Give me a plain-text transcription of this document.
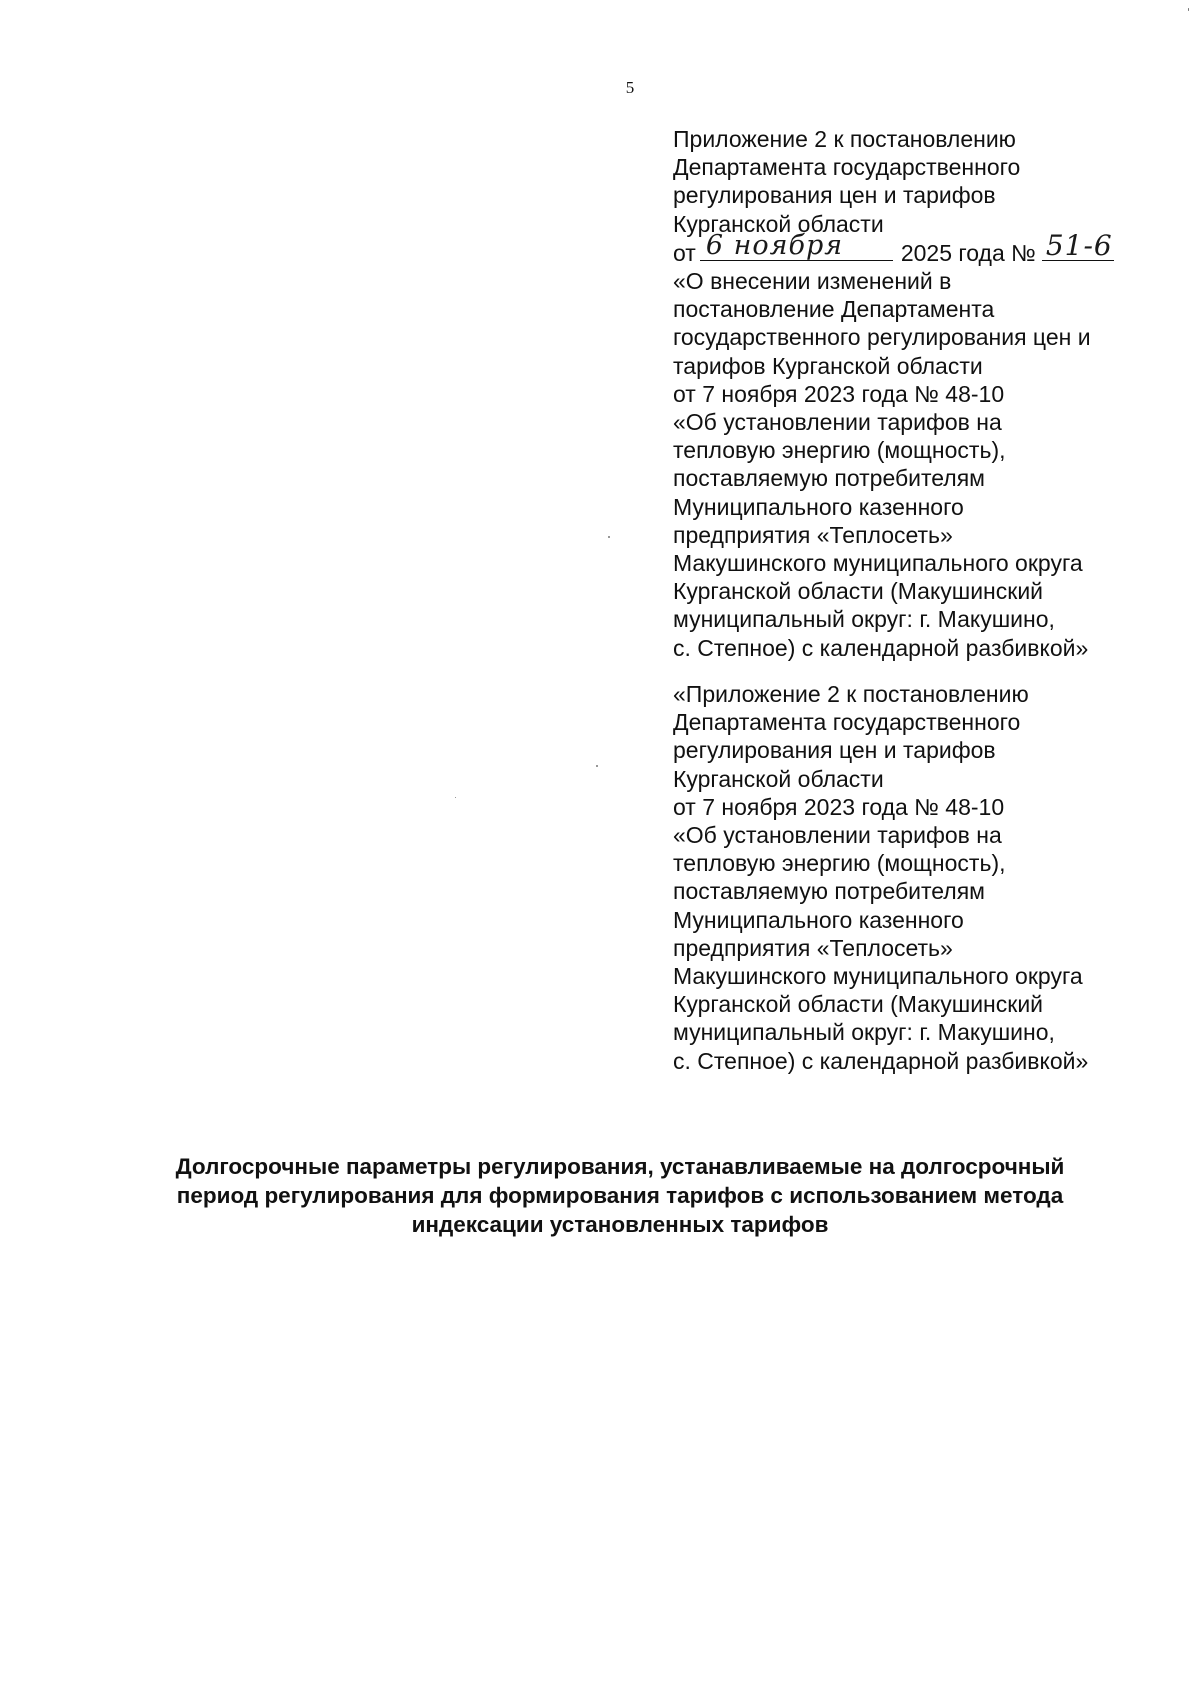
5
Приложение 2 к постановлению
Департамента государственного
регулирования цен и тарифов
Курганской области
от 6 ноября	2025 года № 51-6
«О внесении изменений в
постановление Департамента
государственного регулирования цен и
тарифов Курганской области
от 7 ноября 2023 года № 48-10
«Об установлении тарифов на
тепловую энергию (мощность),
поставляемую потребителям
Муниципального казенного
предприятия «Теплосеть»
Макушинского муниципального округа
Курганской области (Макушинский
муниципальный округ: г. Макушино,
с. Степное) с календарной разбивкой»
«Приложение 2 к постановлению
Департамента государственного
регулирования цен и тарифов
Курганской области
от 7 ноября 2023 года № 48-10
«Об установлении тарифов на
тепловую энергию (мощность),
поставляемую потребителям
Муниципального казенного
предприятия «Теплосеть»
Макушинского муниципального округа
Курганской области (Макушинский
муниципальный округ: г. Макушино,
с. Степное) с календарной разбивкой»
Долгосрочные параметры регулирования, устанавливаемые на долгосрочный
период регулирования для формирования тарифов с использованием метода
индексации установленных тарифов
